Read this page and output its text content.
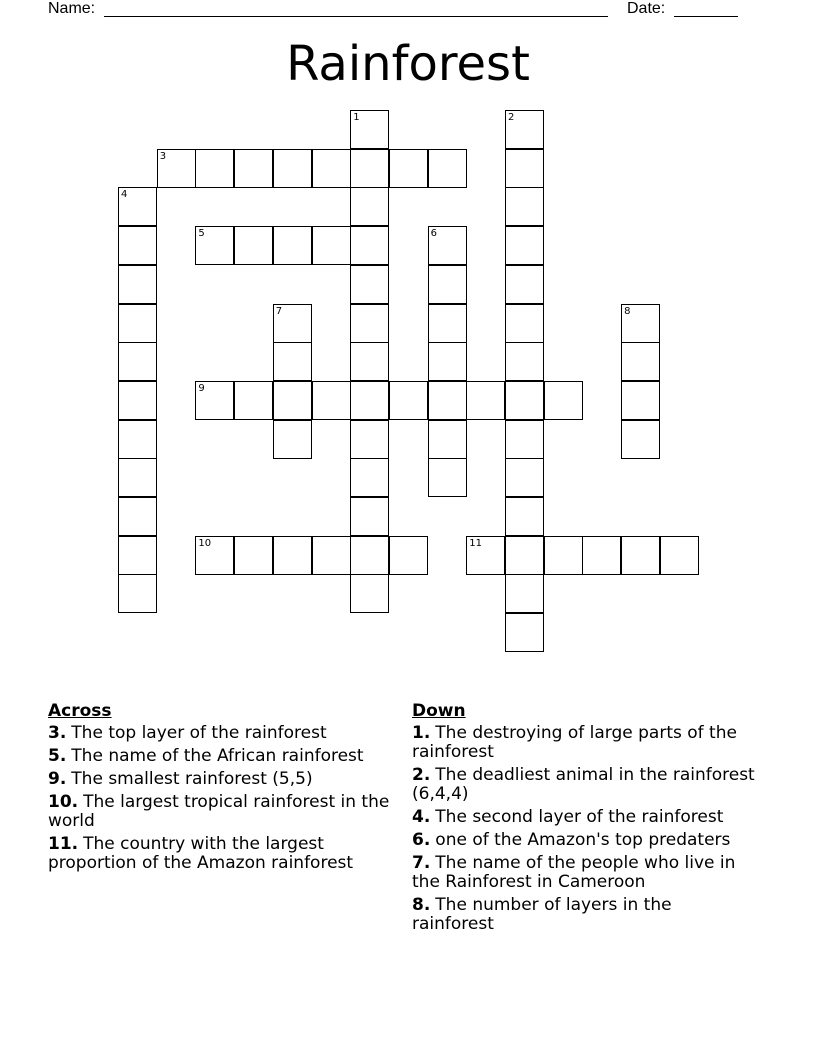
Name:	Date:
Rainforest
1	2
3
4
5	6
7	8
9
10	11
Across
3. The top layer of the rainforest
5. The name of the African rainforest
9. The smallest rainforest (5,5)
10. The largest tropical rainforest in the world
11. The country with the largest proportion of the Amazon rainforest
Down
1. The destroying of large parts of the rainforest
2. The deadliest animal in the rainforest (6,4,4)
4. The second layer of the rainforest
6. one of the Amazon's top predaters
7. The name of the people who live in the Rainforest in Cameroon
8. The number of layers in the rainforest
